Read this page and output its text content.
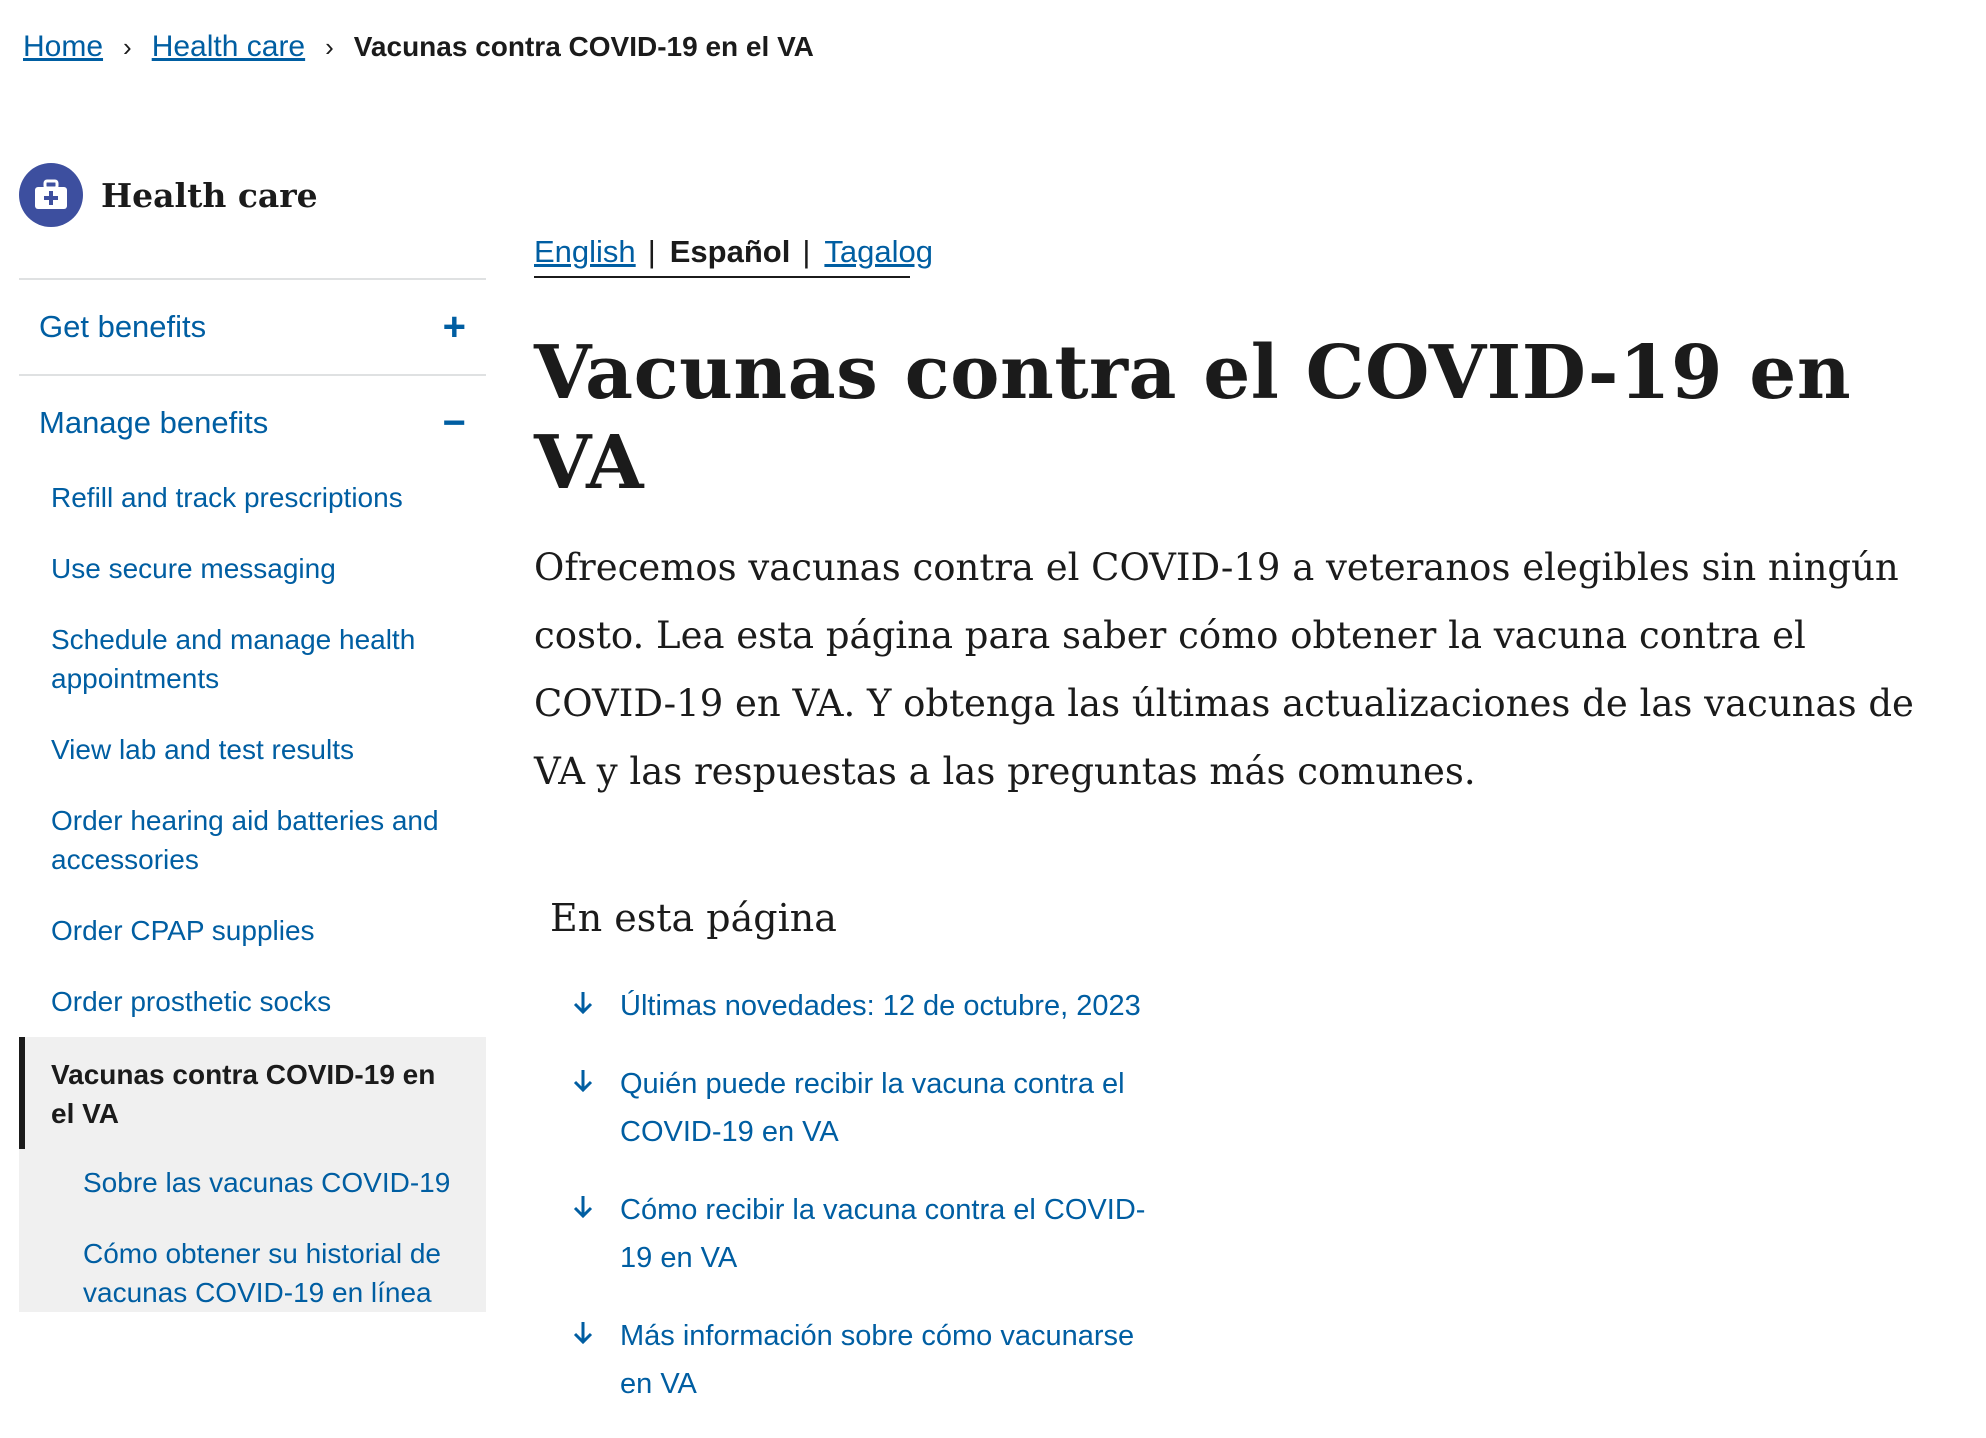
Home › Health care › Vacunas contra COVID-19 en el VA
Health care
Get benefits	+
Manage benefits	−
Refill and track prescriptions
Use secure messaging
Schedule and manage health appointments
View lab and test results
Order hearing aid batteries and accessories
Order CPAP supplies
Order prosthetic socks
Vacunas contra COVID-19 en el VA
Sobre las vacunas COVID-19
Cómo obtener su historial de vacunas COVID-19 en línea
English | Español | Tagalog
Vacunas contra el COVID-19 en VA

Ofrecemos vacunas contra el COVID-19 a veteranos elegibles sin ningún costo. Lea esta página para saber cómo obtener la vacuna contra el COVID-19 en VA. Y obtenga las últimas actualizaciones de las vacunas de VA y las respuestas a las preguntas más comunes.

En esta página
Últimas novedades: 12 de octubre, 2023
Quién puede recibir la vacuna contra el COVID-19 en VA
Cómo recibir la vacuna contra el COVID-19 en VA
Más información sobre cómo vacunarse en VA
